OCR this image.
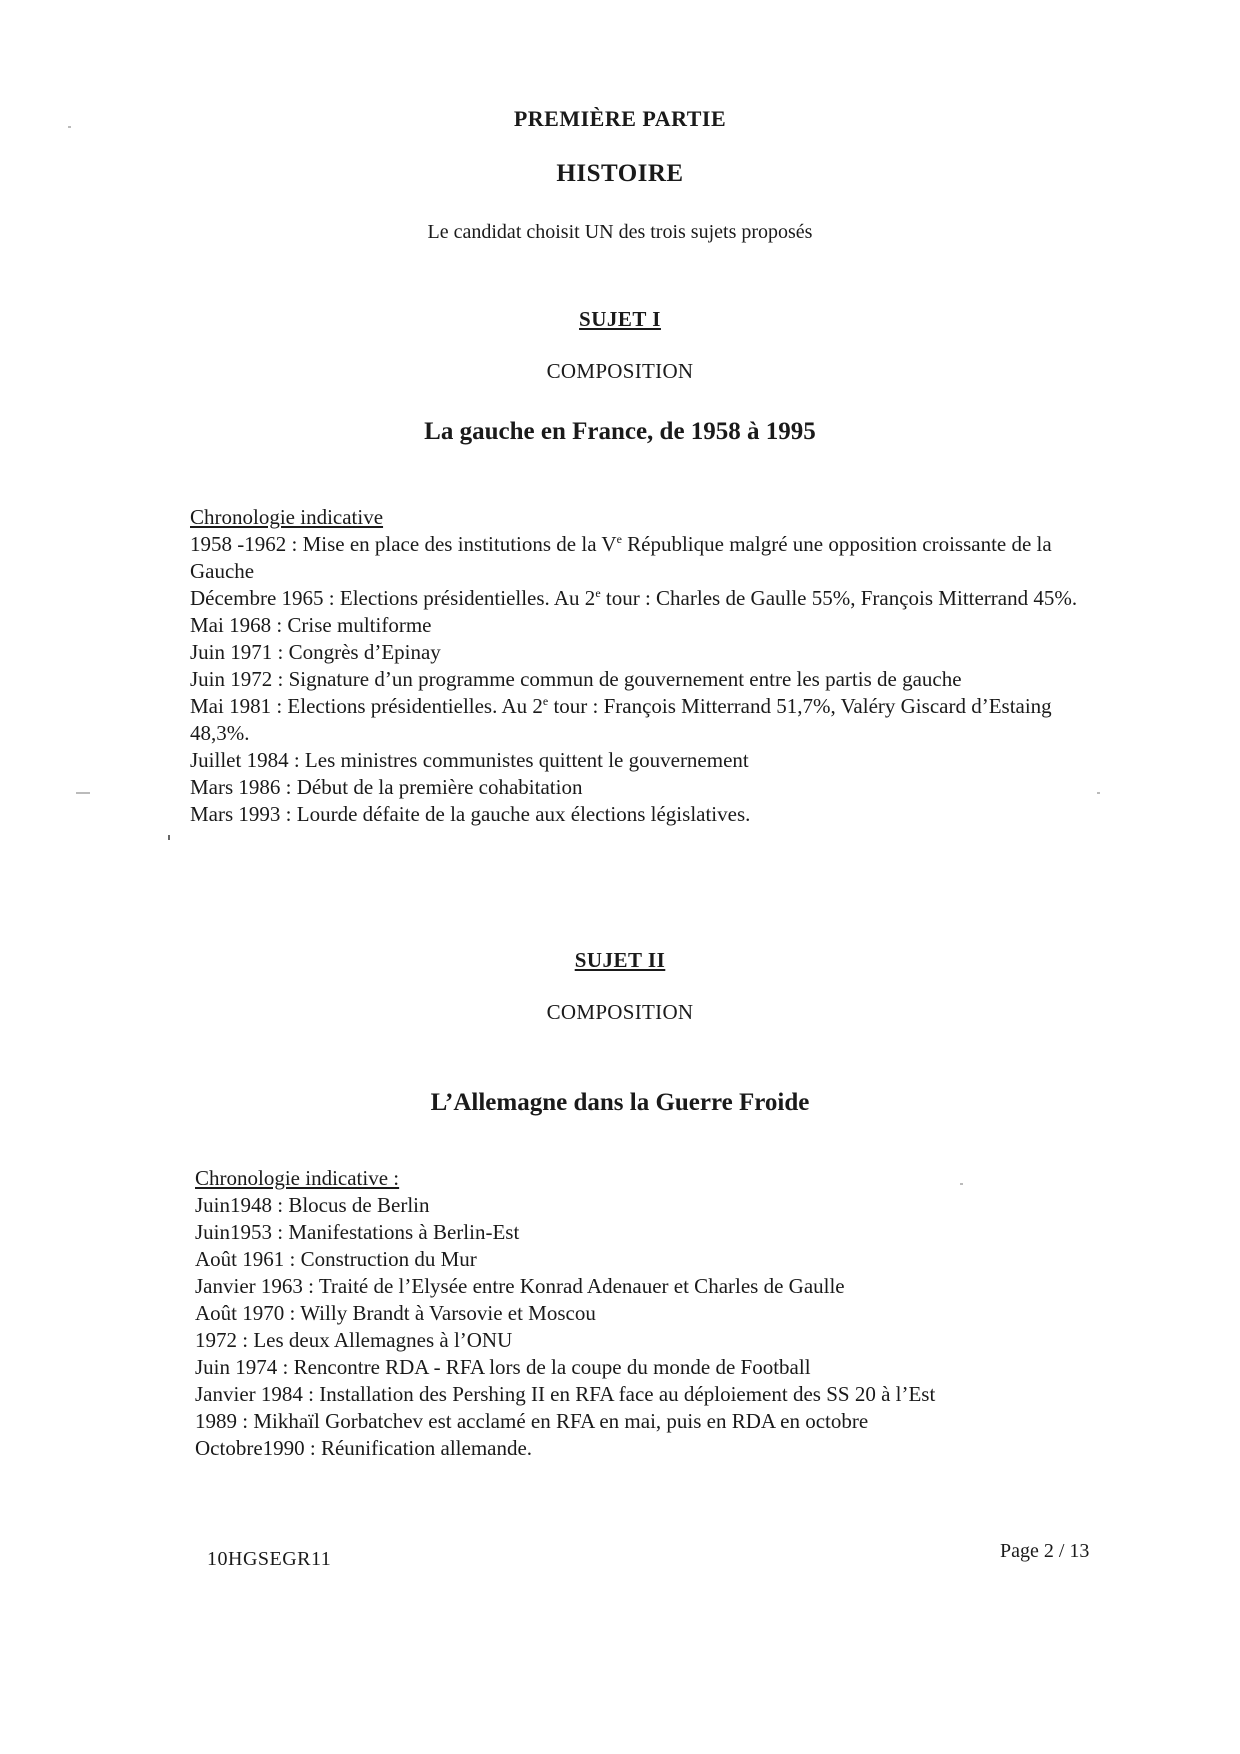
PREMIÈRE PARTIE

HISTOIRE

Le candidat choisit UN des trois sujets proposés

SUJET I

COMPOSITION

La gauche en France, de 1958 à 1995

Chronologie indicative
1958 -1962 : Mise en place des institutions de la Ve République malgré une opposition croissante de la Gauche
Décembre 1965 : Elections présidentielles. Au 2e tour : Charles de Gaulle 55%, François Mitterrand 45%.
Mai 1968 : Crise multiforme
Juin 1971 : Congrès d’Epinay
Juin 1972 : Signature d’un programme commun de gouvernement entre les partis de gauche
Mai 1981 : Elections présidentielles. Au 2e tour : François Mitterrand 51,7%, Valéry Giscard d’Estaing 48,3%.
Juillet 1984 : Les ministres communistes quittent le gouvernement
Mars 1986 : Début de la première cohabitation
Mars 1993 : Lourde défaite de la gauche aux élections législatives.

SUJET II

COMPOSITION

L’Allemagne dans la Guerre Froide

Chronologie indicative :
Juin1948 : Blocus de Berlin
Juin1953 : Manifestations à Berlin-Est
Août 1961 : Construction du Mur
Janvier 1963 : Traité de l’Elysée entre Konrad Adenauer et Charles de Gaulle
Août 1970 : Willy Brandt à Varsovie et Moscou
1972 : Les deux Allemagnes à l’ONU
Juin 1974 : Rencontre RDA - RFA lors de la coupe du monde de Football
Janvier 1984 : Installation des Pershing II en RFA face au déploiement des SS 20 à l’Est
1989 : Mikhaïl Gorbatchev est acclamé en RFA en mai, puis en RDA en octobre
Octobre1990 : Réunification allemande.
10HGSEGR11	Page 2 / 13
